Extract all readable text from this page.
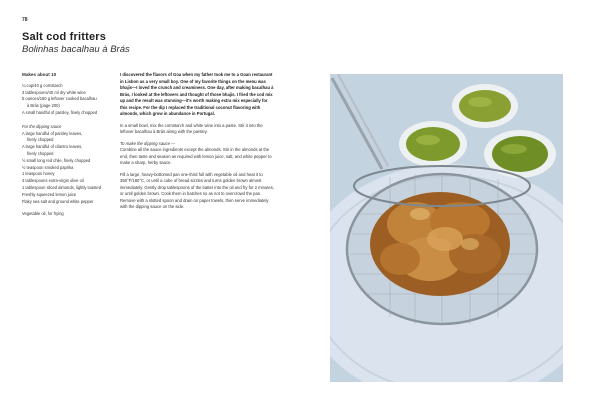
78
Salt cod fritters
Bolinhas bacalhau à Brás
Makes about 10
¼ cup/40 g cornstarch
3 tablespoons/40 ml dry white wine
5 ounces/150 g leftover cooked bacalhau
à Brás (page 200)
A small handful of parsley, finely chopped
For the dipping sauce
A large handful of parsley leaves,
finely chopped
A large handful of cilantro leaves,
finely chopped
½ small long red chile, finely chopped
½ teaspoon smoked paprika
1 teaspoon honey
4 tablespoons extra-virgin olive oil
1 tablespoon sliced almonds, lightly toasted
Freshly squeezed lemon juice
Flaky sea salt and ground white pepper
Vegetable oil, for frying

I discovered the flavors of Goa when my father took me to a Goan restaurant in Lisbon as a very small boy. One of my favorite things on the menu was bhajis—I loved the crunch and creaminess. One day, after making bacalhau à Brás, I looked at the leftovers and thought of those bhajis. I fried the cod mix up and the result was stunning—it's worth making extra mix especially for this recipe. For the dip I replaced the traditional coconut flavoring with almonds, which grow in abundance in Portugal.

In a small bowl, mix the cornstarch and white wine into a paste. Stir it into the leftover bacalhau à Brás along with the parsley.

To make the dipping sauce —

Combine all the sauce ingredients except the almonds. Stir in the almonds at the end, then taste and season as required with lemon juice, salt, and white pepper to make a sharp, herby sauce.

Fill a large, heavy-bottomed pan one-third full with vegetable oil and heat it to 355°F/180°C, or until a cube of bread sizzles and turns golden brown almost immediately. Gently drop tablespoons of the batter into the oil and fry for 2 minutes, or until golden brown. Cook them in batches so as not to overcrowd the pan. Remove with a slotted spoon and drain on paper towels, then serve immediately with the dipping sauce on the side.
